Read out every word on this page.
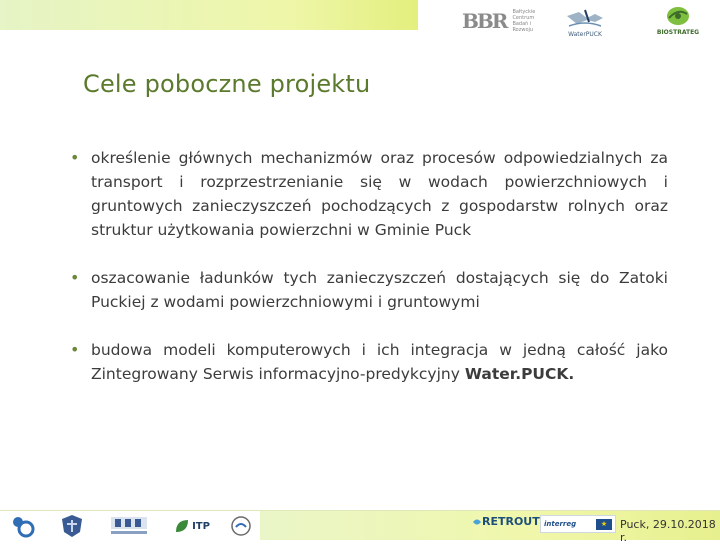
BBR Bałtyckie Centrum
Badań i Rozwoju
WaterPUCK	BIOSTRATEG
Cele poboczne projektu
• określenie głównych mechanizmów oraz procesów odpowiedzialnych za transport i rozprzestrzenianie się w wodach powierzchniowych i gruntowych zanieczyszczeń pochodzących z gospodarstw rolnych oraz struktur użytkowania powierzchni w Gminie Puck
• oszacowanie ładunków tych zanieczyszczeń dostających się do Zatoki Puckiej z wodami powierzchniowymi i gruntowymi
• budowa modeli komputerowych i ich integracja w jedną całość jako Zintegrowany Serwis informacyjno-predykcyjny Water.PUCK.
ITP	RETROUT interreg	★	Puck, 29.10.2018 r.
